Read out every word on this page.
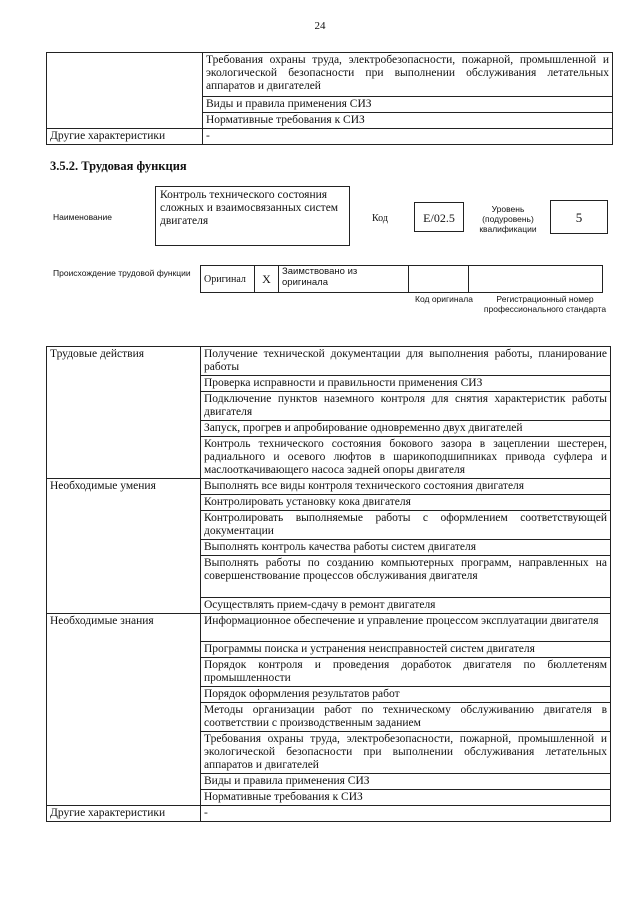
24
	Требования охраны труда, электробезопасности, пожарной, промышленной и экологической безопасности при выполнении обслуживания летательных аппаратов и двигателей
	Виды и правила применения СИЗ
	Нормативные требования к СИЗ
Другие характеристики	-
3.5.2. Трудовая функция
Наименование
Контроль технического состояния сложных и взаимосвязанных систем двигателя	Код	E/02.5
Уровень (подуровень) квалификации
5
Происхождение трудовой функции
Оригинал	X	Заимствовано из оригинала		
Код оригинала	Регистрационный номер профессионального стандарта
Трудовые действия	Получение технической документации для выполнения работы, планирование работы
	Проверка исправности и правильности применения СИЗ
	Подключение пунктов наземного контроля для снятия характеристик работы двигателя
	Запуск, прогрев и апробирование одновременно двух двигателей
	Контроль технического состояния бокового зазора в зацеплении шестерен, радиального и осевого люфтов в шарикоподшипниках привода суфлера и маслооткачивающего насоса задней опоры двигателя
Необходимые умения	Выполнять все виды контроля технического состояния двигателя
	Контролировать установку кока двигателя
	Контролировать выполняемые работы с оформлением соответствующей документации
	Выполнять контроль качества работы систем двигателя
	Выполнять работы по созданию компьютерных программ, направленных на совершенствование процессов обслуживания двигателя
	Осуществлять прием-сдачу в ремонт двигателя
Необходимые знания	Информационное обеспечение и управление процессом эксплуатации двигателя
	Программы поиска и устранения неисправностей систем двигателя
	Порядок контроля и проведения доработок двигателя по бюллетеням промышленности
	Порядок оформления результатов работ
	Методы организации работ по техническому обслуживанию двигателя в соответствии с производственным заданием
	Требования охраны труда, электробезопасности, пожарной, промышленной и экологической безопасности при выполнении обслуживания летательных аппаратов и двигателей
	Виды и правила применения СИЗ
	Нормативные требования к СИЗ
Другие характеристики	-
